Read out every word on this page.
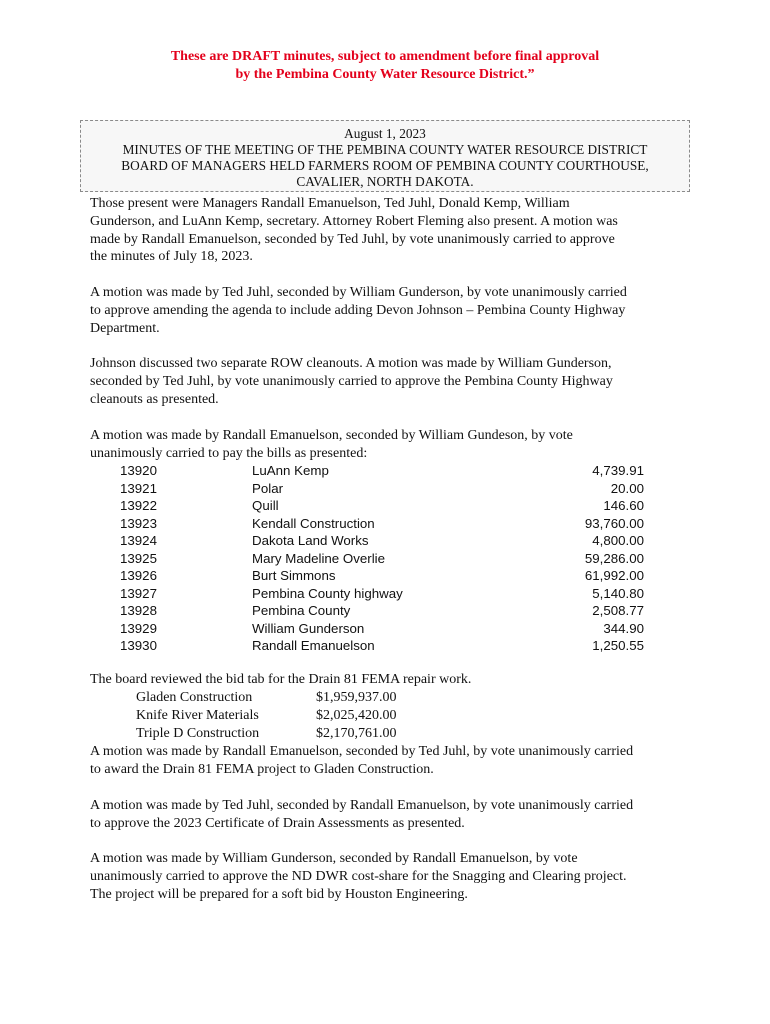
These are DRAFT minutes, subject to amendment before final approval
by the Pembina County Water Resource District.”
August 1, 2023
MINUTES OF THE MEETING OF THE PEMBINA COUNTY WATER RESOURCE DISTRICT
BOARD OF MANAGERS HELD FARMERS ROOM OF PEMBINA COUNTY COURTHOUSE,
CAVALIER, NORTH DAKOTA.
Those present were Managers Randall Emanuelson, Ted Juhl, Donald Kemp, William
Gunderson, and LuAnn Kemp, secretary. Attorney Robert Fleming also present. A motion was
made by Randall Emanuelson, seconded by Ted Juhl, by vote unanimously carried to approve
the minutes of July 18, 2023.
A motion was made by Ted Juhl, seconded by William Gunderson, by vote unanimously carried
to approve amending the agenda to include adding Devon Johnson – Pembina County Highway
Department.
Johnson discussed two separate ROW cleanouts. A motion was made by William Gunderson,
seconded by Ted Juhl, by vote unanimously carried to approve the Pembina County Highway
cleanouts as presented.
A motion was made by Randall Emanuelson, seconded by William Gundeson, by vote
unanimously carried to pay the bills as presented:
13920	LuAnn Kemp	4,739.91
13921	Polar	20.00
13922	Quill	146.60
13923	Kendall Construction	93,760.00
13924	Dakota Land Works	4,800.00
13925	Mary Madeline Overlie	59,286.00
13926	Burt Simmons	61,992.00
13927	Pembina County highway	5,140.80
13928	Pembina County	2,508.77
13929	William Gunderson	344.90
13930	Randall Emanuelson	1,250.55
The board reviewed the bid tab for the Drain 81 FEMA repair work.
Gladen Construction	$1,959,937.00
Knife River Materials	$2,025,420.00
Triple D Construction	$2,170,761.00
A motion was made by Randall Emanuelson, seconded by Ted Juhl, by vote unanimously carried
to award the Drain 81 FEMA project to Gladen Construction.
A motion was made by Ted Juhl, seconded by Randall Emanuelson, by vote unanimously carried
to approve the 2023 Certificate of Drain Assessments as presented.
A motion was made by William Gunderson, seconded by Randall Emanuelson, by vote
unanimously carried to approve the ND DWR cost-share for the Snagging and Clearing project.
The project will be prepared for a soft bid by Houston Engineering.
